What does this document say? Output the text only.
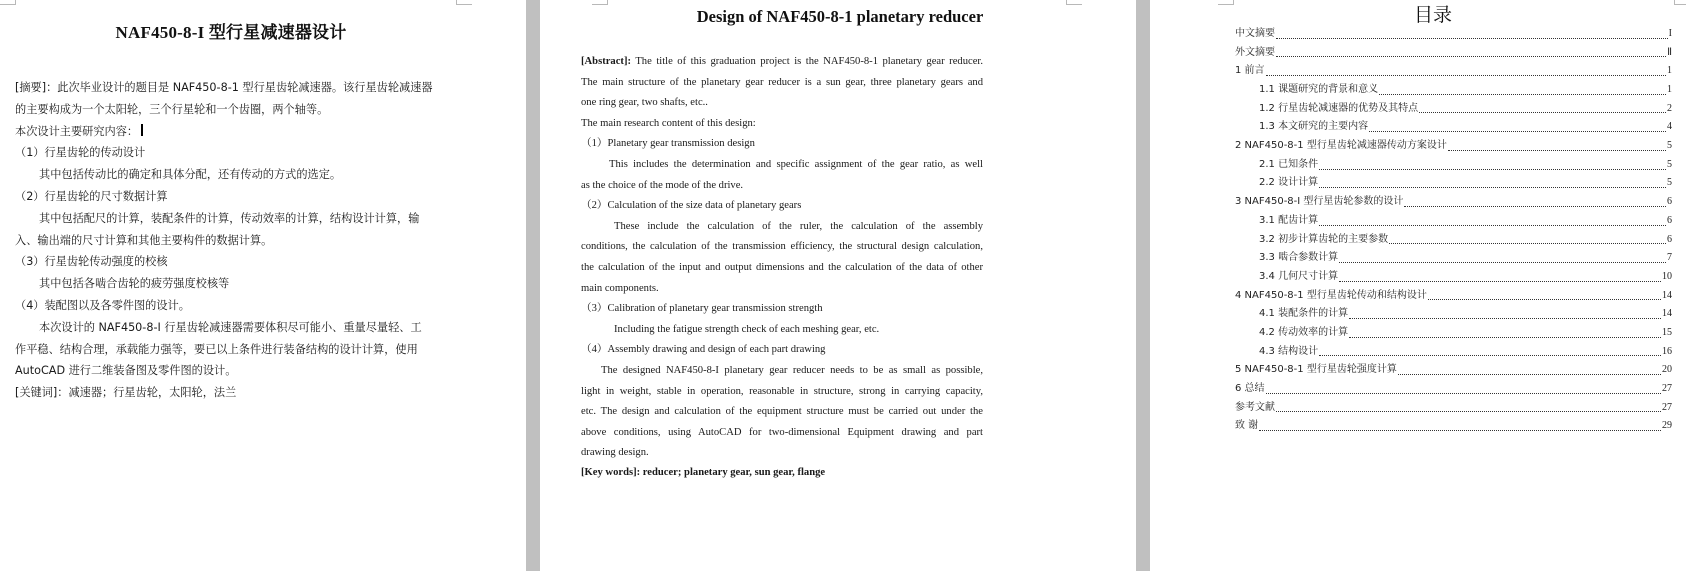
NAF450-8-I 型行星减速器设计

[摘要]：此次毕业设计的题目是 NAF450-8-1 型行星齿轮减速器。该行星齿轮减速器

的主要构成为一个太阳轮，三个行星轮和一个齿圈，两个轴等。

本次设计主要研究内容：

（1）行星齿轮的传动设计

其中包括传动比的确定和具体分配，还有传动的方式的选定。

（2）行星齿轮的尺寸数据计算

其中包括配尺的计算，装配条件的计算，传动效率的计算，结构设计计算，输

入、输出端的尺寸计算和其他主要构件的数据计算。

（3）行星齿轮传动强度的校核

其中包括各啮合齿轮的疲劳强度校核等

（4）装配图以及各零件图的设计。

本次设计的 NAF450-8-I 行星齿轮减速器需要体积尽可能小、重量尽量轻、工

作平稳、结构合理，承载能力强等，要已以上条件进行装备结构的设计计算，使用

AutoCAD 进行二维装备图及零件图的设计。

[关键词]：减速器；行星齿轮，太阳轮，法兰

Design of NAF450-8-1 planetary reducer

[Abstract]: The title of this graduation project is the NAF450-8-1 planetary gear reducer.

The main structure of the planetary gear reducer is a sun gear, three planetary gears and

one ring gear, two shafts, etc..

The main research content of this design:

（1）Planetary gear transmission design

This includes the determination and specific assignment of the gear ratio, as well

as the choice of the mode of the drive.

（2）Calculation of the size data of planetary gears

These include the calculation of the ruler, the calculation of the assembly

conditions, the calculation of the transmission efficiency, the structural design calculation,

the calculation of the input and output dimensions and the calculation of the data of other

main components.

（3）Calibration of planetary gear transmission strength

Including the fatigue strength check of each meshing gear, etc.

（4）Assembly drawing and design of each part drawing

The designed NAF450-8-I planetary gear reducer needs to be as small as possible,

light in weight, stable in operation, reasonable in structure, strong in carrying capacity,

etc. The design and calculation of the equipment structure must be carried out under the

above conditions, using AutoCAD for two-dimensional Equipment drawing and part

drawing design.

[Key words]: reducer; planetary gear, sun gear, flange

目录
中文摘要	I
外文摘要	Ⅱ
1 前言	1
1.1 课题研究的背景和意义	1
1.2 行星齿轮减速器的优势及其特点	2
1.3 本文研究的主要内容	4
2 NAF450-8-1 型行星齿轮减速器传动方案设计	5
2.1 已知条件	5
2.2 设计计算	5
3 NAF450-8-I 型行星齿轮参数的设计	6
3.1 配齿计算	6
3.2 初步计算齿轮的主要参数	6
3.3 啮合参数计算	7
3.4 几何尺寸计算	10
4 NAF450-8-1 型行星齿轮传动和结构设计	14
4.1 装配条件的计算	14
4.2 传动效率的计算	15
4.3 结构设计	16
5 NAF450-8-1 型行星齿轮强度计算	20
6 总结	27
参考文献	27
致 谢	29
